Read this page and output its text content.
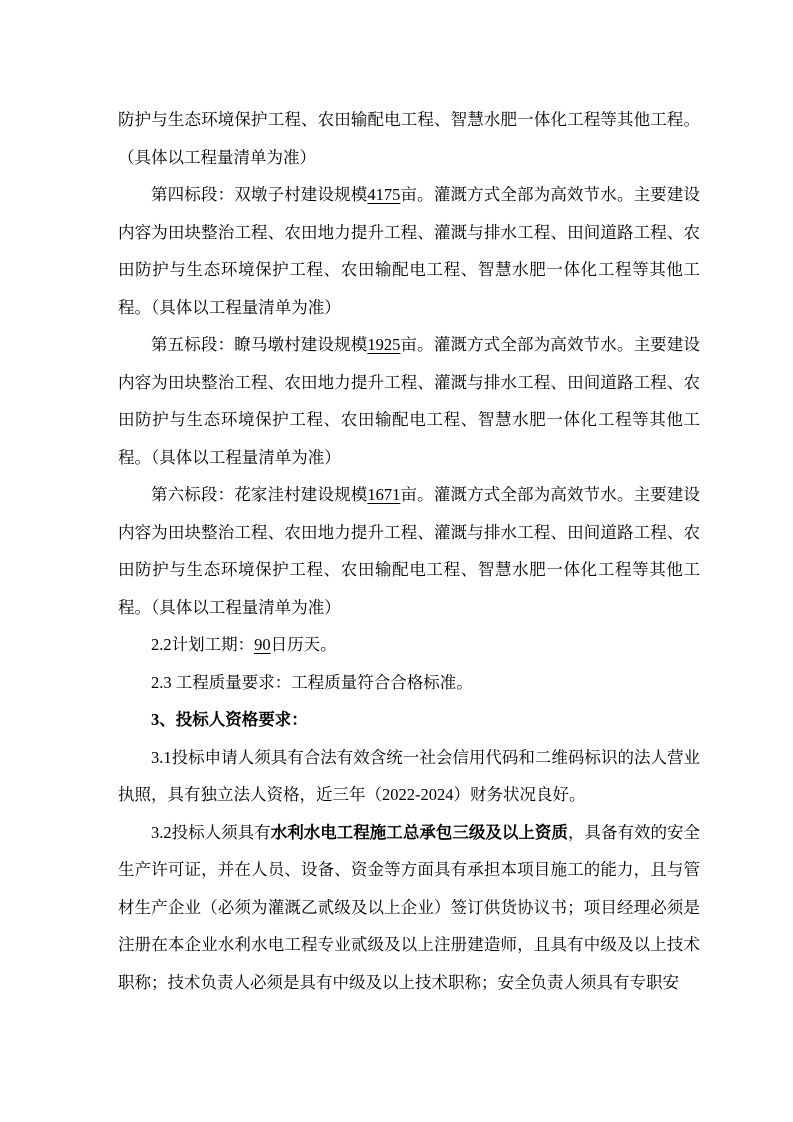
防护与生态环境保护工程、农田输配电工程、智慧水肥一体化工程等其他工程。（具体以工程量清单为准）

第四标段：双墩子村建设规模4175亩。灌溉方式全部为高效节水。主要建设内容为田块整治工程、农田地力提升工程、灌溉与排水工程、田间道路工程、农田防护与生态环境保护工程、农田输配电工程、智慧水肥一体化工程等其他工程。（具体以工程量清单为准）

第五标段：瞭马墩村建设规模1925亩。灌溉方式全部为高效节水。主要建设内容为田块整治工程、农田地力提升工程、灌溉与排水工程、田间道路工程、农田防护与生态环境保护工程、农田输配电工程、智慧水肥一体化工程等其他工程。（具体以工程量清单为准）

第六标段：花家洼村建设规模1671亩。灌溉方式全部为高效节水。主要建设内容为田块整治工程、农田地力提升工程、灌溉与排水工程、田间道路工程、农田防护与生态环境保护工程、农田输配电工程、智慧水肥一体化工程等其他工程。（具体以工程量清单为准）

2.2计划工期：90日历天。

2.3 工程质量要求：工程质量符合合格标准。

3、投标人资格要求：

3.1投标申请人须具有合法有效含统一社会信用代码和二维码标识的法人营业执照，具有独立法人资格，近三年（2022-2024）财务状况良好。

3.2投标人须具有水利水电工程施工总承包三级及以上资质，具备有效的安全生产许可证，并在人员、设备、资金等方面具有承担本项目施工的能力，且与管材生产企业（必须为灌溉乙贰级及以上企业）签订供货协议书；项目经理必须是注册在本企业水利水电工程专业贰级及以上注册建造师，且具有中级及以上技术职称；技术负责人必须是具有中级及以上技术职称；安全负责人须具有专职安
